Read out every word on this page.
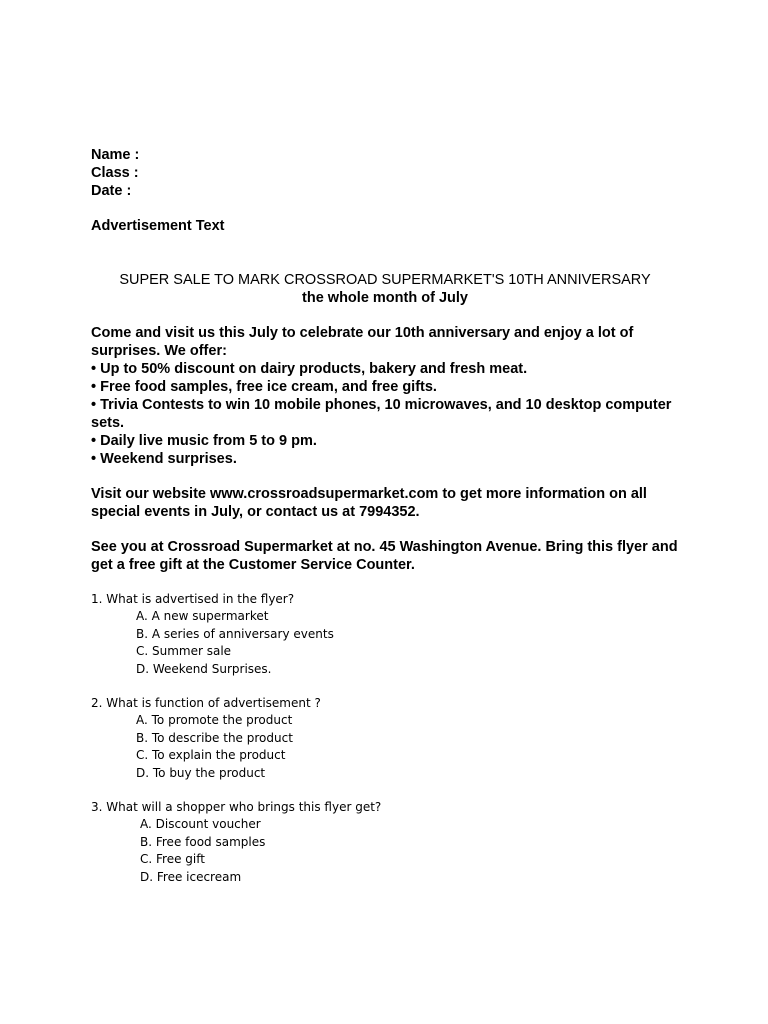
Name :
Class :
Date :
Advertisement Text
SUPER SALE TO MARK CROSSROAD SUPERMARKET'S 10TH ANNIVERSARY
the whole month of July
Come and visit us this July to celebrate our 10th anniversary and enjoy a lot of surprises. We offer:
• Up to 50% discount on dairy products, bakery and fresh meat.
• Free food samples, free ice cream, and free gifts.
• Trivia Contests to win 10 mobile phones, 10 microwaves, and 10 desktop computer sets.
• Daily live music from 5 to 9 pm.
• Weekend surprises.
Visit our website www.crossroadsupermarket.com to get more information on all special events in July, or contact us at 7994352.
See you at Crossroad Supermarket at no. 45 Washington Avenue. Bring this flyer and get a free gift at the Customer Service Counter.
1. What is advertised in the flyer?
A. A new supermarket
B. A series of anniversary events
C. Summer sale
D. Weekend Surprises.
2. What is function of advertisement ?
A. To promote the product
B. To describe the product
C. To explain the product
D. To buy the product
3. What will a shopper who brings this flyer get?
A. Discount voucher
B. Free food samples
C. Free gift
D. Free icecream
